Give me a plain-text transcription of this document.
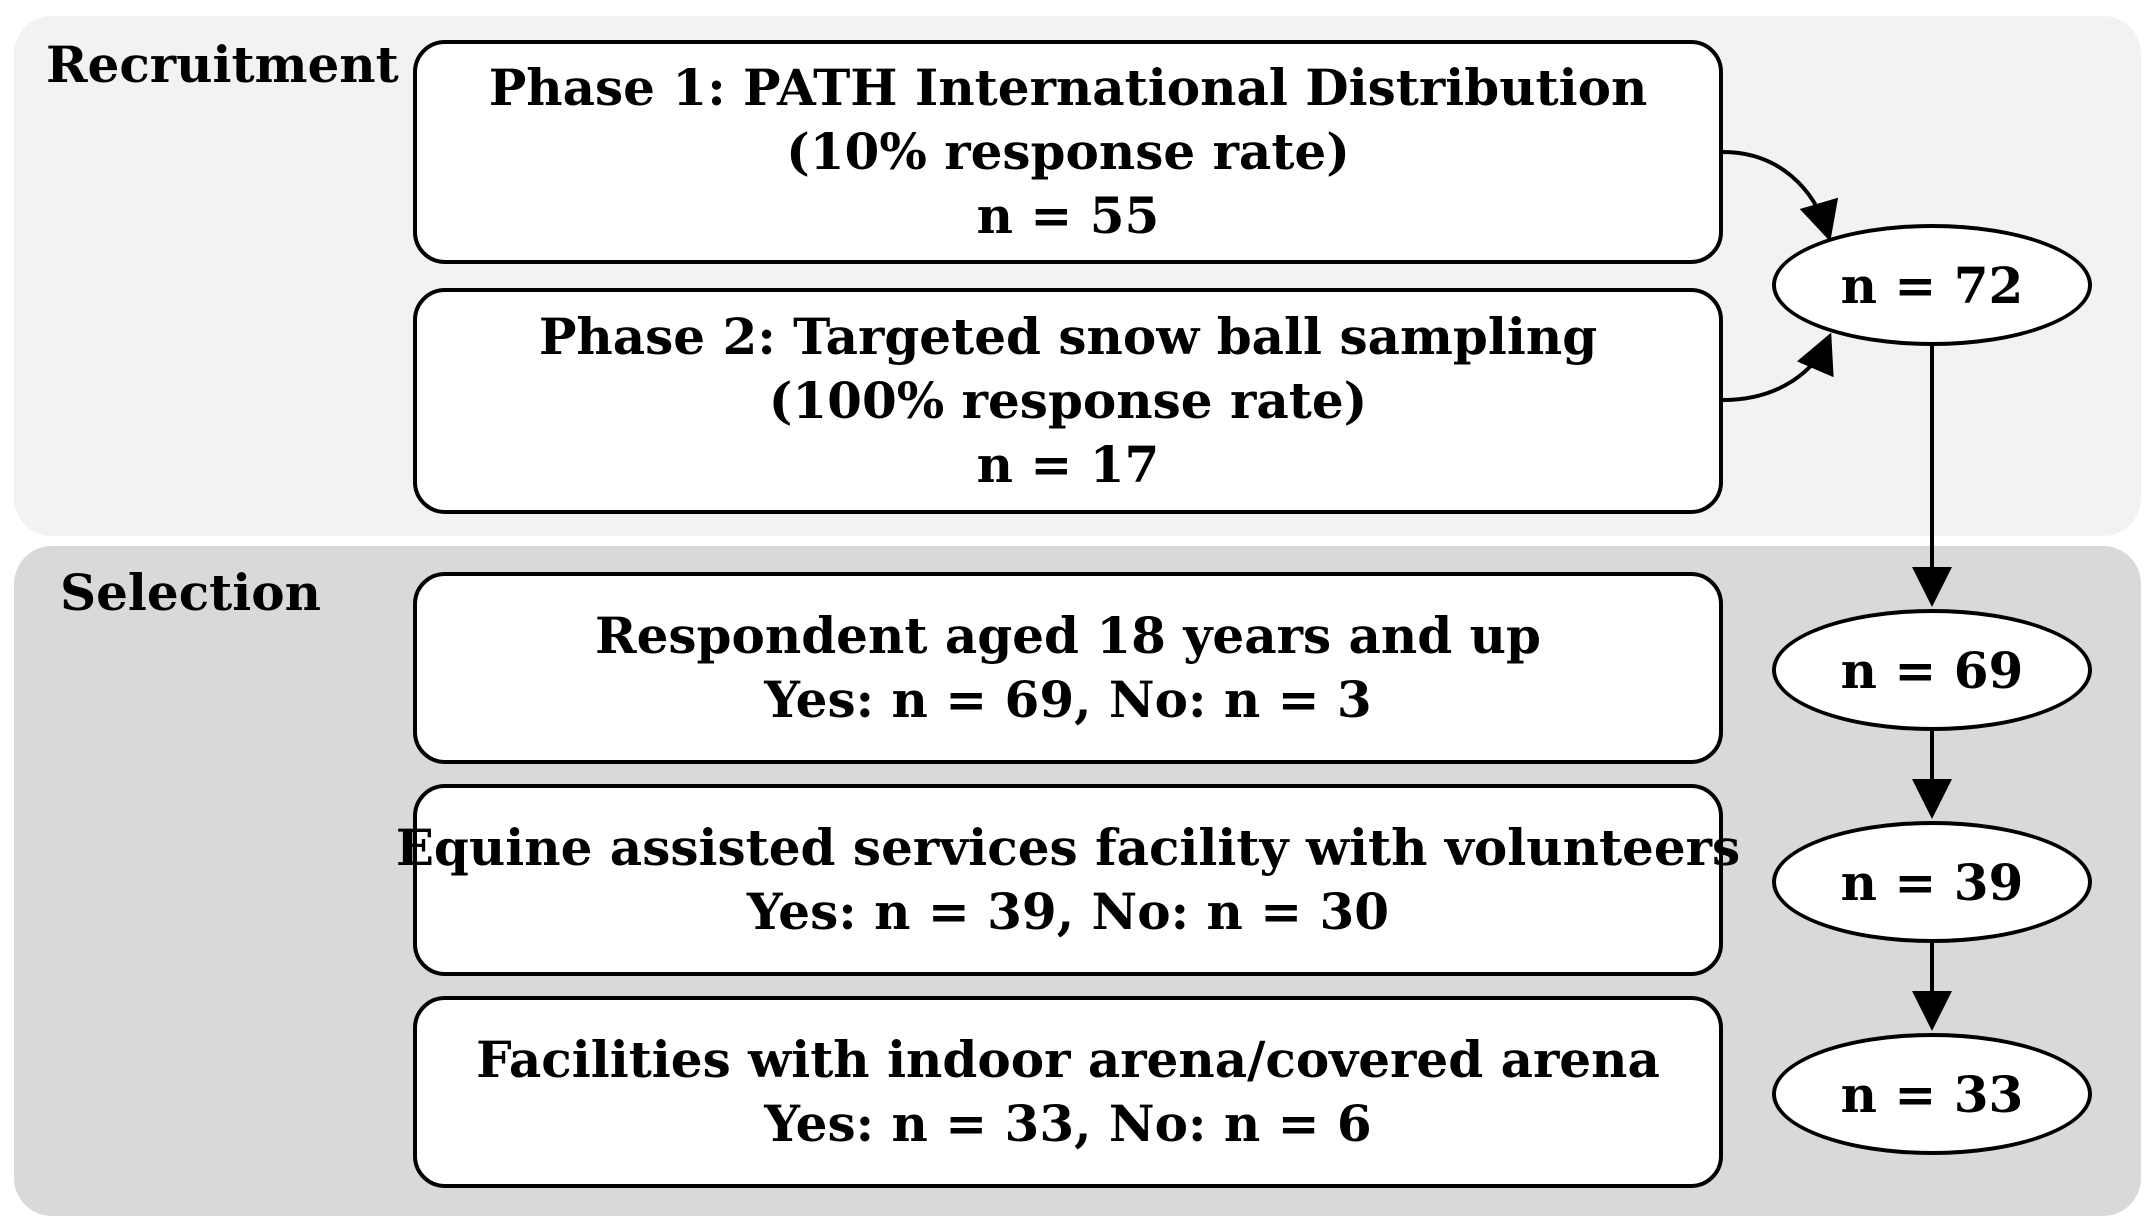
Recruitment
Selection
Phase 1: PATH International Distribution
(10% response rate)
n = 55
Phase 2: Targeted snow ball sampling
(100% response rate)
n = 17
Respondent aged 18 years and up
Yes: n = 69, No: n = 3
Equine assisted services facility with volunteers
Yes: n = 39, No: n = 30
Facilities with indoor arena/covered arena
Yes: n = 33, No: n = 6
n = 72
n = 69
n = 39
n = 33
